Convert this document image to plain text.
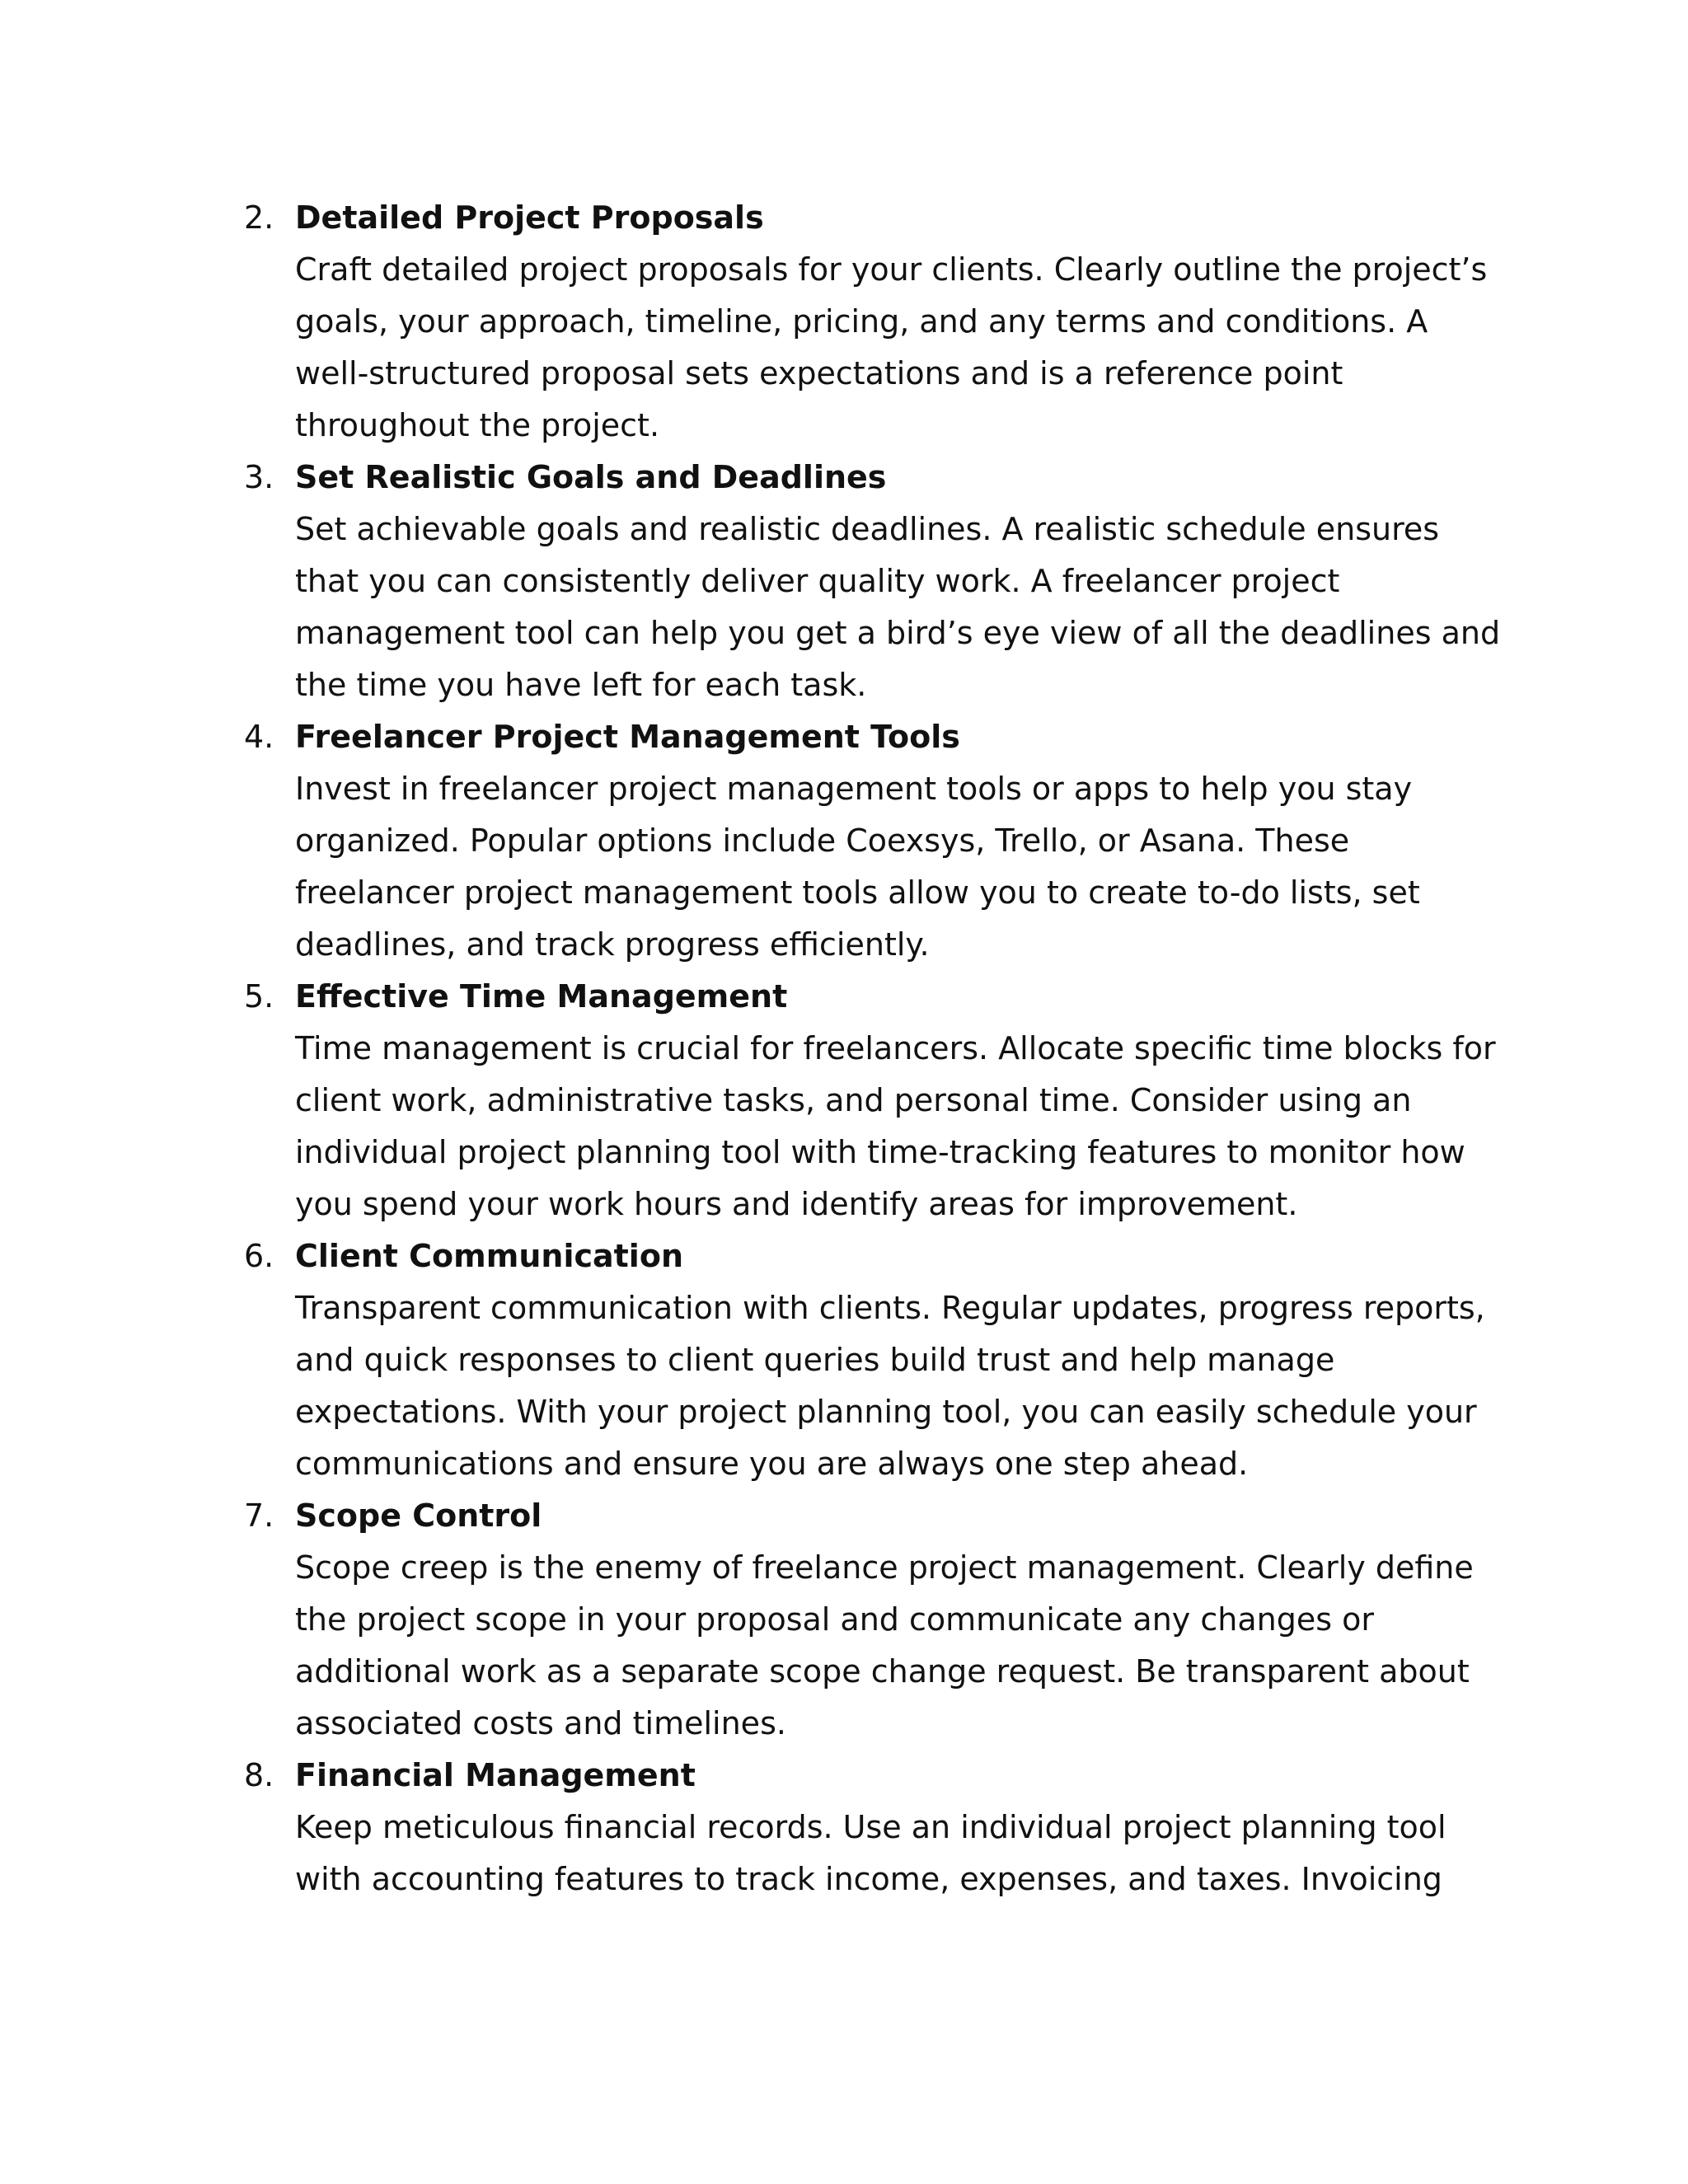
2. Detailed Project Proposals
Craft detailed project proposals for your clients. Clearly outline the project’s
goals, your approach, timeline, pricing, and any terms and conditions. A
well-structured proposal sets expectations and is a reference point
throughout the project.
3. Set Realistic Goals and Deadlines
Set achievable goals and realistic deadlines. A realistic schedule ensures
that you can consistently deliver quality work. A freelancer project
management tool can help you get a bird’s eye view of all the deadlines and
the time you have left for each task.
4. Freelancer Project Management Tools
Invest in freelancer project management tools or apps to help you stay
organized. Popular options include Coexsys, Trello, or Asana. These
freelancer project management tools allow you to create to-do lists, set
deadlines, and track progress efficiently.
5. Effective Time Management
Time management is crucial for freelancers. Allocate specific time blocks for
client work, administrative tasks, and personal time. Consider using an
individual project planning tool with time-tracking features to monitor how
you spend your work hours and identify areas for improvement.
6. Client Communication
Transparent communication with clients. Regular updates, progress reports,
and quick responses to client queries build trust and help manage
expectations. With your project planning tool, you can easily schedule your
communications and ensure you are always one step ahead.
7. Scope Control
Scope creep is the enemy of freelance project management. Clearly define
the project scope in your proposal and communicate any changes or
additional work as a separate scope change request. Be transparent about
associated costs and timelines.
8. Financial Management
Keep meticulous financial records. Use an individual project planning tool
with accounting features to track income, expenses, and taxes. Invoicing
